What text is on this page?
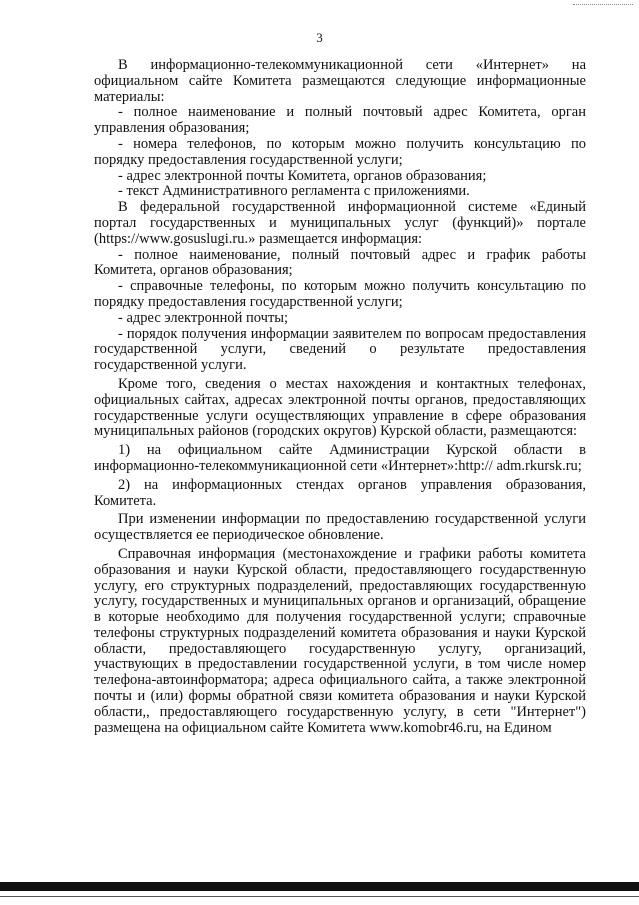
3

В информационно-телекоммуникационной сети «Интернет» на официальном сайте Комитета размещаются следующие информационные материалы:

- полное наименование и полный почтовый адрес Комитета, орган управления образования;

- номера телефонов, по которым можно получить консультацию по порядку предоставления государственной услуги;

- адрес электронной почты Комитета, органов образования;

- текст Административного регламента с приложениями.

В федеральной государственной информационной системе «Единый портал государственных и муниципальных услуг (функций)» портале (https://www.gosuslugi.ru.» размещается информация:

- полное наименование, полный почтовый адрес и график работы Комитета, органов образования;

- справочные телефоны, по которым можно получить консультацию по порядку предоставления государственной услуги;

- адрес электронной почты;

- порядок получения информации заявителем по вопросам предоставления государственной услуги, сведений о результате предоставления государственной услуги.

Кроме того, сведения о местах нахождения и контактных телефонах, официальных сайтах, адресах электронной почты органов, предоставляющих государственные услуги осуществляющих управление в сфере образования муниципальных районов (городских округов) Курской области, размещаются:

1) на официальном сайте Администрации Курской области в информационно-телекоммуникационной сети «Интернет»:http:// adm.rkursk.ru;

2) на информационных стендах органов управления образования, Комитета.

При изменении информации по предоставлению государственной услуги осуществляется ее периодическое обновление.

Справочная информация (местонахождение и графики работы комитета образования и науки Курской области, предоставляющего государственную услугу, его структурных подразделений, предоставляющих государственную услугу, государственных и муниципальных органов и организаций, обращение в которые необходимо для получения государственной услуги; справочные телефоны структурных подразделений комитета образования и науки Курской области, предоставляющего государственную услугу, организаций, участвующих в предоставлении государственной услуги, в том числе номер телефона-автоинформатора; адреса официального сайта, а также электронной почты и (или) формы обратной связи комитета образования и науки Курской области,, предоставляющего государственную услугу, в сети "Интернет") размещена на официальном сайте Комитета www.komobr46.ru, на Едином
